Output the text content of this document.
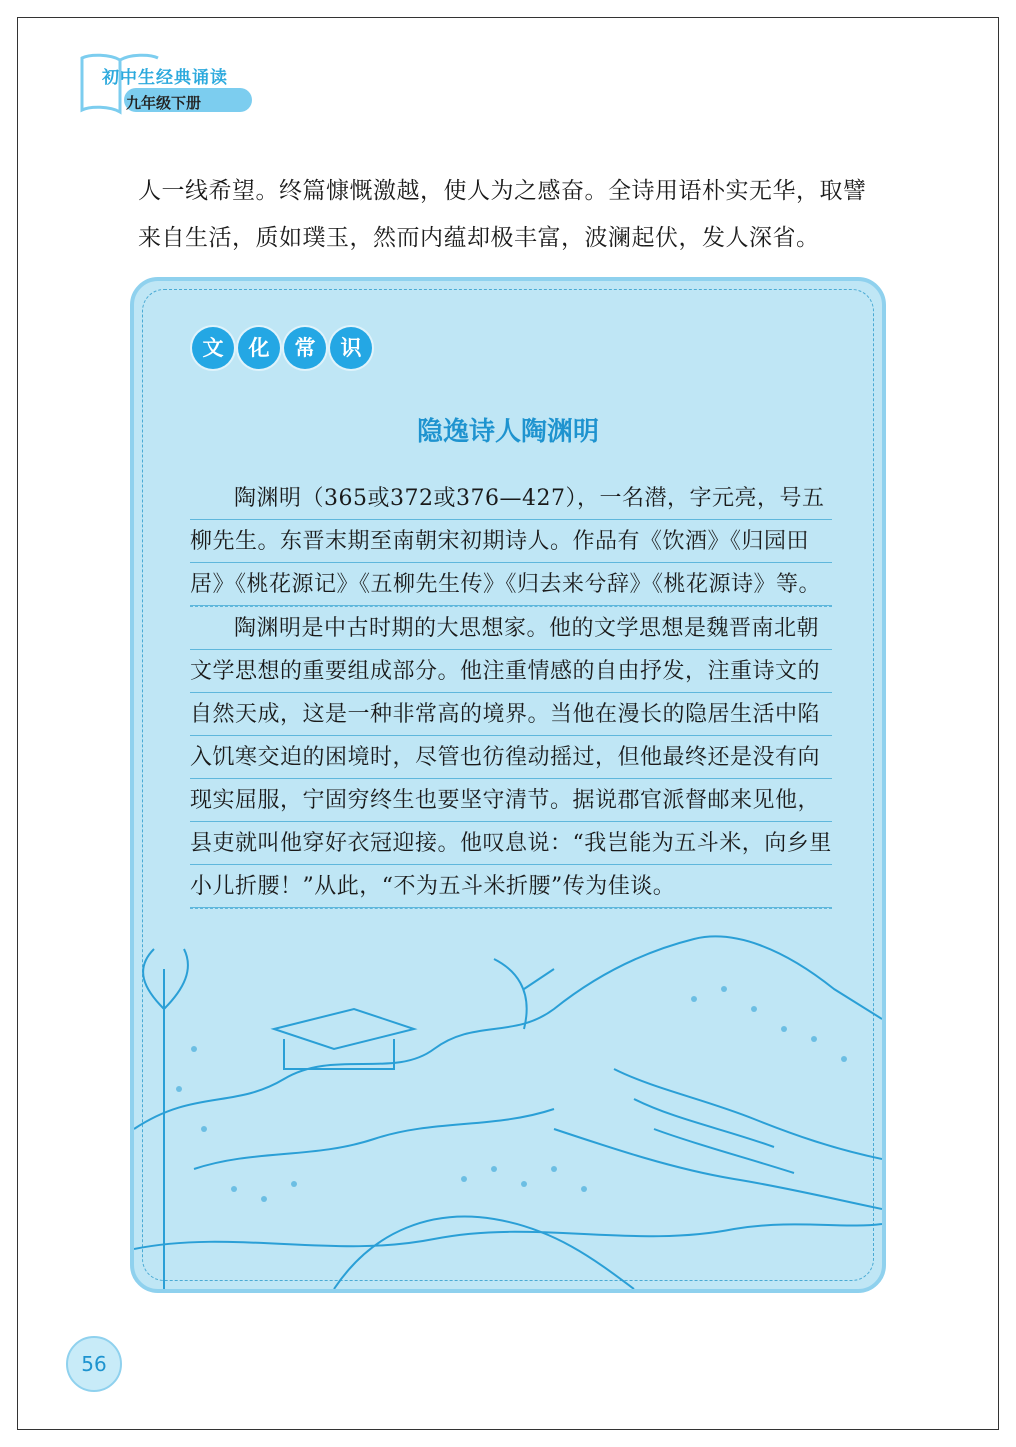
初中生经典诵读
九年级下册

人一线希望。终篇慷慨激越，使人为之感奋。全诗用语朴实无华，取譬来自生活，质如璞玉，然而内蕴却极丰富，波澜起伏，发人深省。

文	化	常	识
隐逸诗人陶渊明

陶渊明（365或372或376—427），一名潜，字元亮，号五柳先生。东晋末期至南朝宋初期诗人。作品有《饮酒》《归园田居》《桃花源记》《五柳先生传》《归去来兮辞》《桃花源诗》等。

陶渊明是中古时期的大思想家。他的文学思想是魏晋南北朝文学思想的重要组成部分。他注重情感的自由抒发，注重诗文的自然天成，这是一种非常高的境界。当他在漫长的隐居生活中陷入饥寒交迫的困境时，尽管也彷徨动摇过，但他最终还是没有向现实屈服，宁固穷终生也要坚守清节。据说郡官派督邮来见他，县吏就叫他穿好衣冠迎接。他叹息说：“我岂能为五斗米，向乡里小儿折腰！”从此，“不为五斗米折腰”传为佳谈。

56
